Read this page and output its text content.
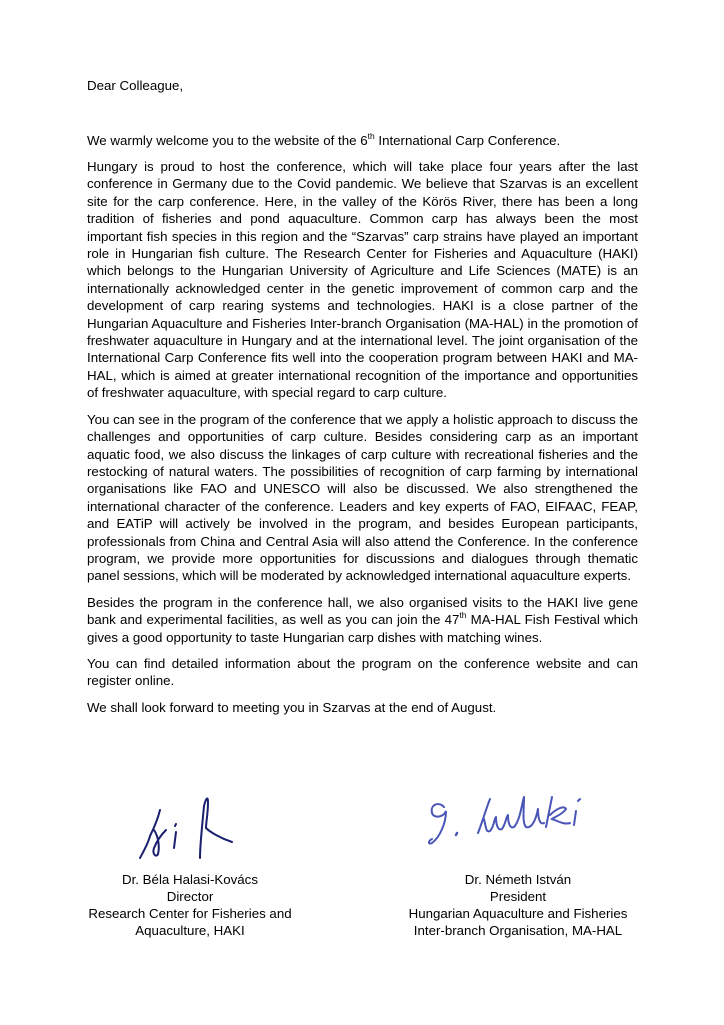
Dear Colleague,

We warmly welcome you to the website of the 6th International Carp Conference.

Hungary is proud to host the conference, which will take place four years after the last conference in Germany due to the Covid pandemic. We believe that Szarvas is an excellent site for the carp conference. Here, in the valley of the Körös River, there has been a long tradition of fisheries and pond aquaculture. Common carp has always been the most important fish species in this region and the “Szarvas” carp strains have played an important role in Hungarian fish culture. The Research Center for Fisheries and Aquaculture (HAKI) which belongs to the Hungarian University of Agriculture and Life Sciences (MATE) is an internationally acknowledged center in the genetic improvement of common carp and the development of carp rearing systems and technologies. HAKI is a close partner of the Hungarian Aquaculture and Fisheries Inter-branch Organisation (MA-HAL) in the promotion of freshwater aquaculture in Hungary and at the international level. The joint organisation of the International Carp Conference fits well into the cooperation program between HAKI and MA-HAL, which is aimed at greater international recognition of the importance and opportunities of freshwater aquaculture, with special regard to carp culture.

You can see in the program of the conference that we apply a holistic approach to discuss the challenges and opportunities of carp culture. Besides considering carp as an important aquatic food, we also discuss the linkages of carp culture with recreational fisheries and the restocking of natural waters. The possibilities of recognition of carp farming by international organisations like FAO and UNESCO will also be discussed. We also strengthened the international character of the conference. Leaders and key experts of FAO, EIFAAC, FEAP, and EATiP will actively be involved in the program, and besides European participants, professionals from China and Central Asia will also attend the Conference. In the conference program, we provide more opportunities for discussions and dialogues through thematic panel sessions, which will be moderated by acknowledged international aquaculture experts.

Besides the program in the conference hall, we also organised visits to the HAKI live gene bank and experimental facilities, as well as you can join the 47th MA-HAL Fish Festival which gives a good opportunity to taste Hungarian carp dishes with matching wines.

You can find detailed information about the program on the conference website and can register online.

We shall look forward to meeting you in Szarvas at the end of August.

Dr. Béla Halasi-Kovács
Director
Research Center for Fisheries and
Aquaculture, HAKI
Dr. Németh István
President
Hungarian Aquaculture and Fisheries
Inter-branch Organisation, MA-HAL
